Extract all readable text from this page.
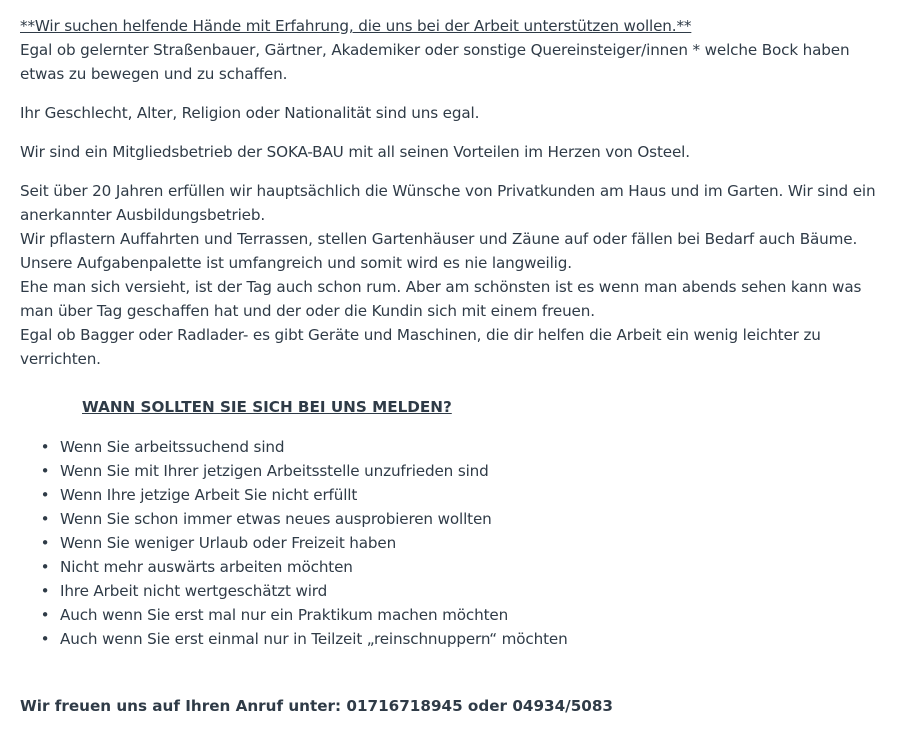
**Wir suchen helfende Hände mit Erfahrung, die uns bei der Arbeit unterstützen wollen.**
Egal ob gelernter Straßenbauer, Gärtner, Akademiker oder sonstige Quereinsteiger/innen * welche Bock haben
etwas zu bewegen und zu schaffen.

Ihr Geschlecht, Alter, Religion oder Nationalität sind uns egal.

Wir sind ein Mitgliedsbetrieb der SOKA-BAU mit all seinen Vorteilen im Herzen von Osteel.

Seit über 20 Jahren erfüllen wir hauptsächlich die Wünsche von Privatkunden am Haus und im Garten. Wir sind ein
anerkannter Ausbildungsbetrieb.
Wir pflastern Auffahrten und Terrassen, stellen Gartenhäuser und Zäune auf oder fällen bei Bedarf auch Bäume.
Unsere Aufgabenpalette ist umfangreich und somit wird es nie langweilig.
Ehe man sich versieht, ist der Tag auch schon rum. Aber am schönsten ist es wenn man abends sehen kann was
man über Tag geschaffen hat und der oder die Kundin sich mit einem freuen.
Egal ob Bagger oder Radlader- es gibt Geräte und Maschinen, die dir helfen die Arbeit ein wenig leichter zu
verrichten.

WANN SOLLTEN SIE SICH BEI UNS MELDEN?
• Wenn Sie arbeitssuchend sind
• Wenn Sie mit Ihrer jetzigen Arbeitsstelle unzufrieden sind
• Wenn Ihre jetzige Arbeit Sie nicht erfüllt
• Wenn Sie schon immer etwas neues ausprobieren wollten
• Wenn Sie weniger Urlaub oder Freizeit haben
• Nicht mehr auswärts arbeiten möchten
• Ihre Arbeit nicht wertgeschätzt wird
• Auch wenn Sie erst mal nur ein Praktikum machen möchten
• Auch wenn Sie erst einmal nur in Teilzeit „reinschnuppern“ möchten
Wir freuen uns auf Ihren Anruf unter: 01716718945 oder 04934/5083
